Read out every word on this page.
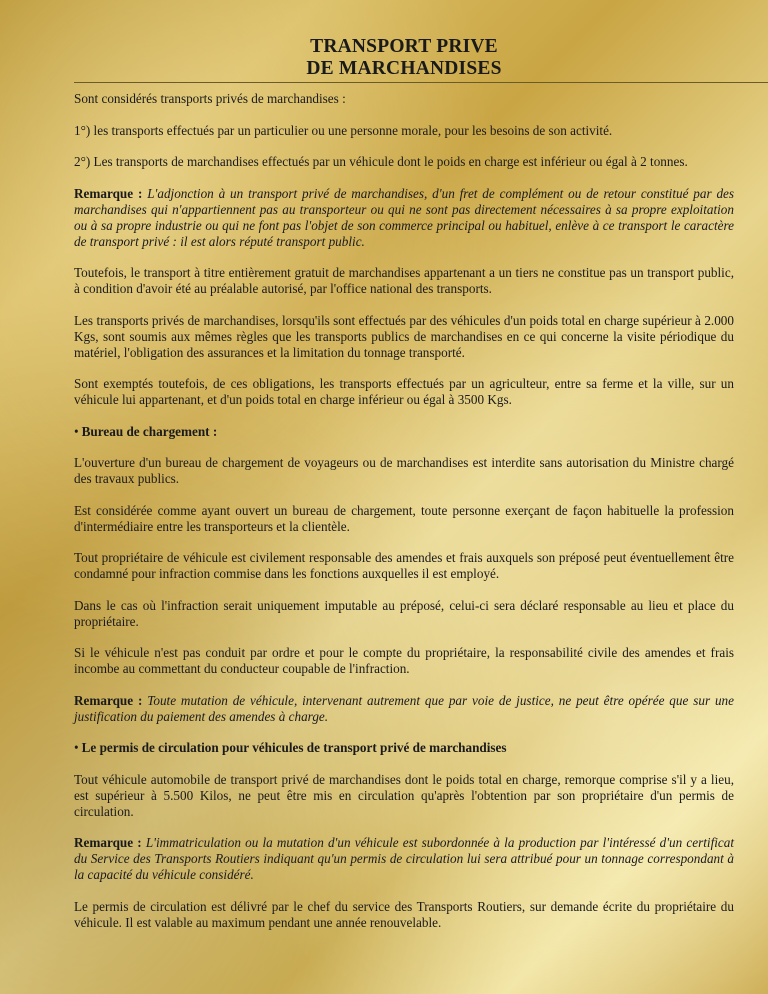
TRANSPORT PRIVE
DE MARCHANDISES

Sont considérés transports privés de marchandises :

1°) les transports effectués par un particulier ou une personne morale, pour les besoins de son activité.

2°) Les transports de marchandises effectués par un véhicule dont le poids en charge est inférieur ou égal à 2 tonnes.

Remarque : L'adjonction à un transport privé de marchandises, d'un fret de complément ou de retour constitué par des marchandises qui n'appartiennent pas au transporteur ou qui ne sont pas directement nécessaires à sa propre exploitation ou à sa propre industrie ou qui ne font pas l'objet de son commerce principal ou habituel, enlève à ce transport le caractère de transport privé : il est alors réputé transport public.

Toutefois, le transport à titre entièrement gratuit de marchandises appartenant a un tiers ne constitue pas un transport public, à condition d'avoir été au préalable autorisé, par l'office national des transports.

Les transports privés de marchandises, lorsqu'ils sont effectués par des véhicules d'un poids total en charge supérieur à 2.000 Kgs, sont soumis aux mêmes règles que les transports publics de marchandises en ce qui concerne la visite périodique du matériel, l'obligation des assurances et la limitation du tonnage transporté.

Sont exemptés toutefois, de ces obligations, les transports effectués par un agriculteur, entre sa ferme et la ville, sur un véhicule lui appartenant, et d'un poids total en charge inférieur ou égal à 3500 Kgs.

• Bureau de chargement :

L'ouverture d'un bureau de chargement de voyageurs ou de marchandises est interdite sans autorisation du Ministre chargé des travaux publics.

Est considérée comme ayant ouvert un bureau de chargement, toute personne exerçant de façon habituelle la profession d'intermédiaire entre les transporteurs et la clientèle.

Tout propriétaire de véhicule est civilement responsable des amendes et frais auxquels son préposé peut éventuellement être condamné pour infraction commise dans les fonctions auxquelles il est employé.

Dans le cas où l'infraction serait uniquement imputable au préposé, celui-ci sera déclaré responsable au lieu et place du propriétaire.

Si le véhicule n'est pas conduit par ordre et pour le compte du propriétaire, la responsabilité civile des amendes et frais incombe au commettant du conducteur coupable de l'infraction.

Remarque : Toute mutation de véhicule, intervenant autrement que par voie de justice, ne peut être opérée que sur une justification du paiement des amendes à charge.

• Le permis de circulation pour véhicules de transport privé de marchandises

Tout véhicule automobile de transport privé de marchandises dont le poids total en charge, remorque comprise s'il y a lieu, est supérieur à 5.500 Kilos, ne peut être mis en circulation qu'après l'obtention par son propriétaire d'un permis de circulation.

Remarque : L'immatriculation ou la mutation d'un véhicule est subordonnée à la production par l'intéressé d'un certificat du Service des Transports Routiers indiquant qu'un permis de circulation lui sera attribué pour un tonnage correspondant à la capacité du véhicule considéré.

Le permis de circulation est délivré par le chef du service des Transports Routiers, sur demande écrite du propriétaire du véhicule. Il est valable au maximum pendant une année renouvelable.
